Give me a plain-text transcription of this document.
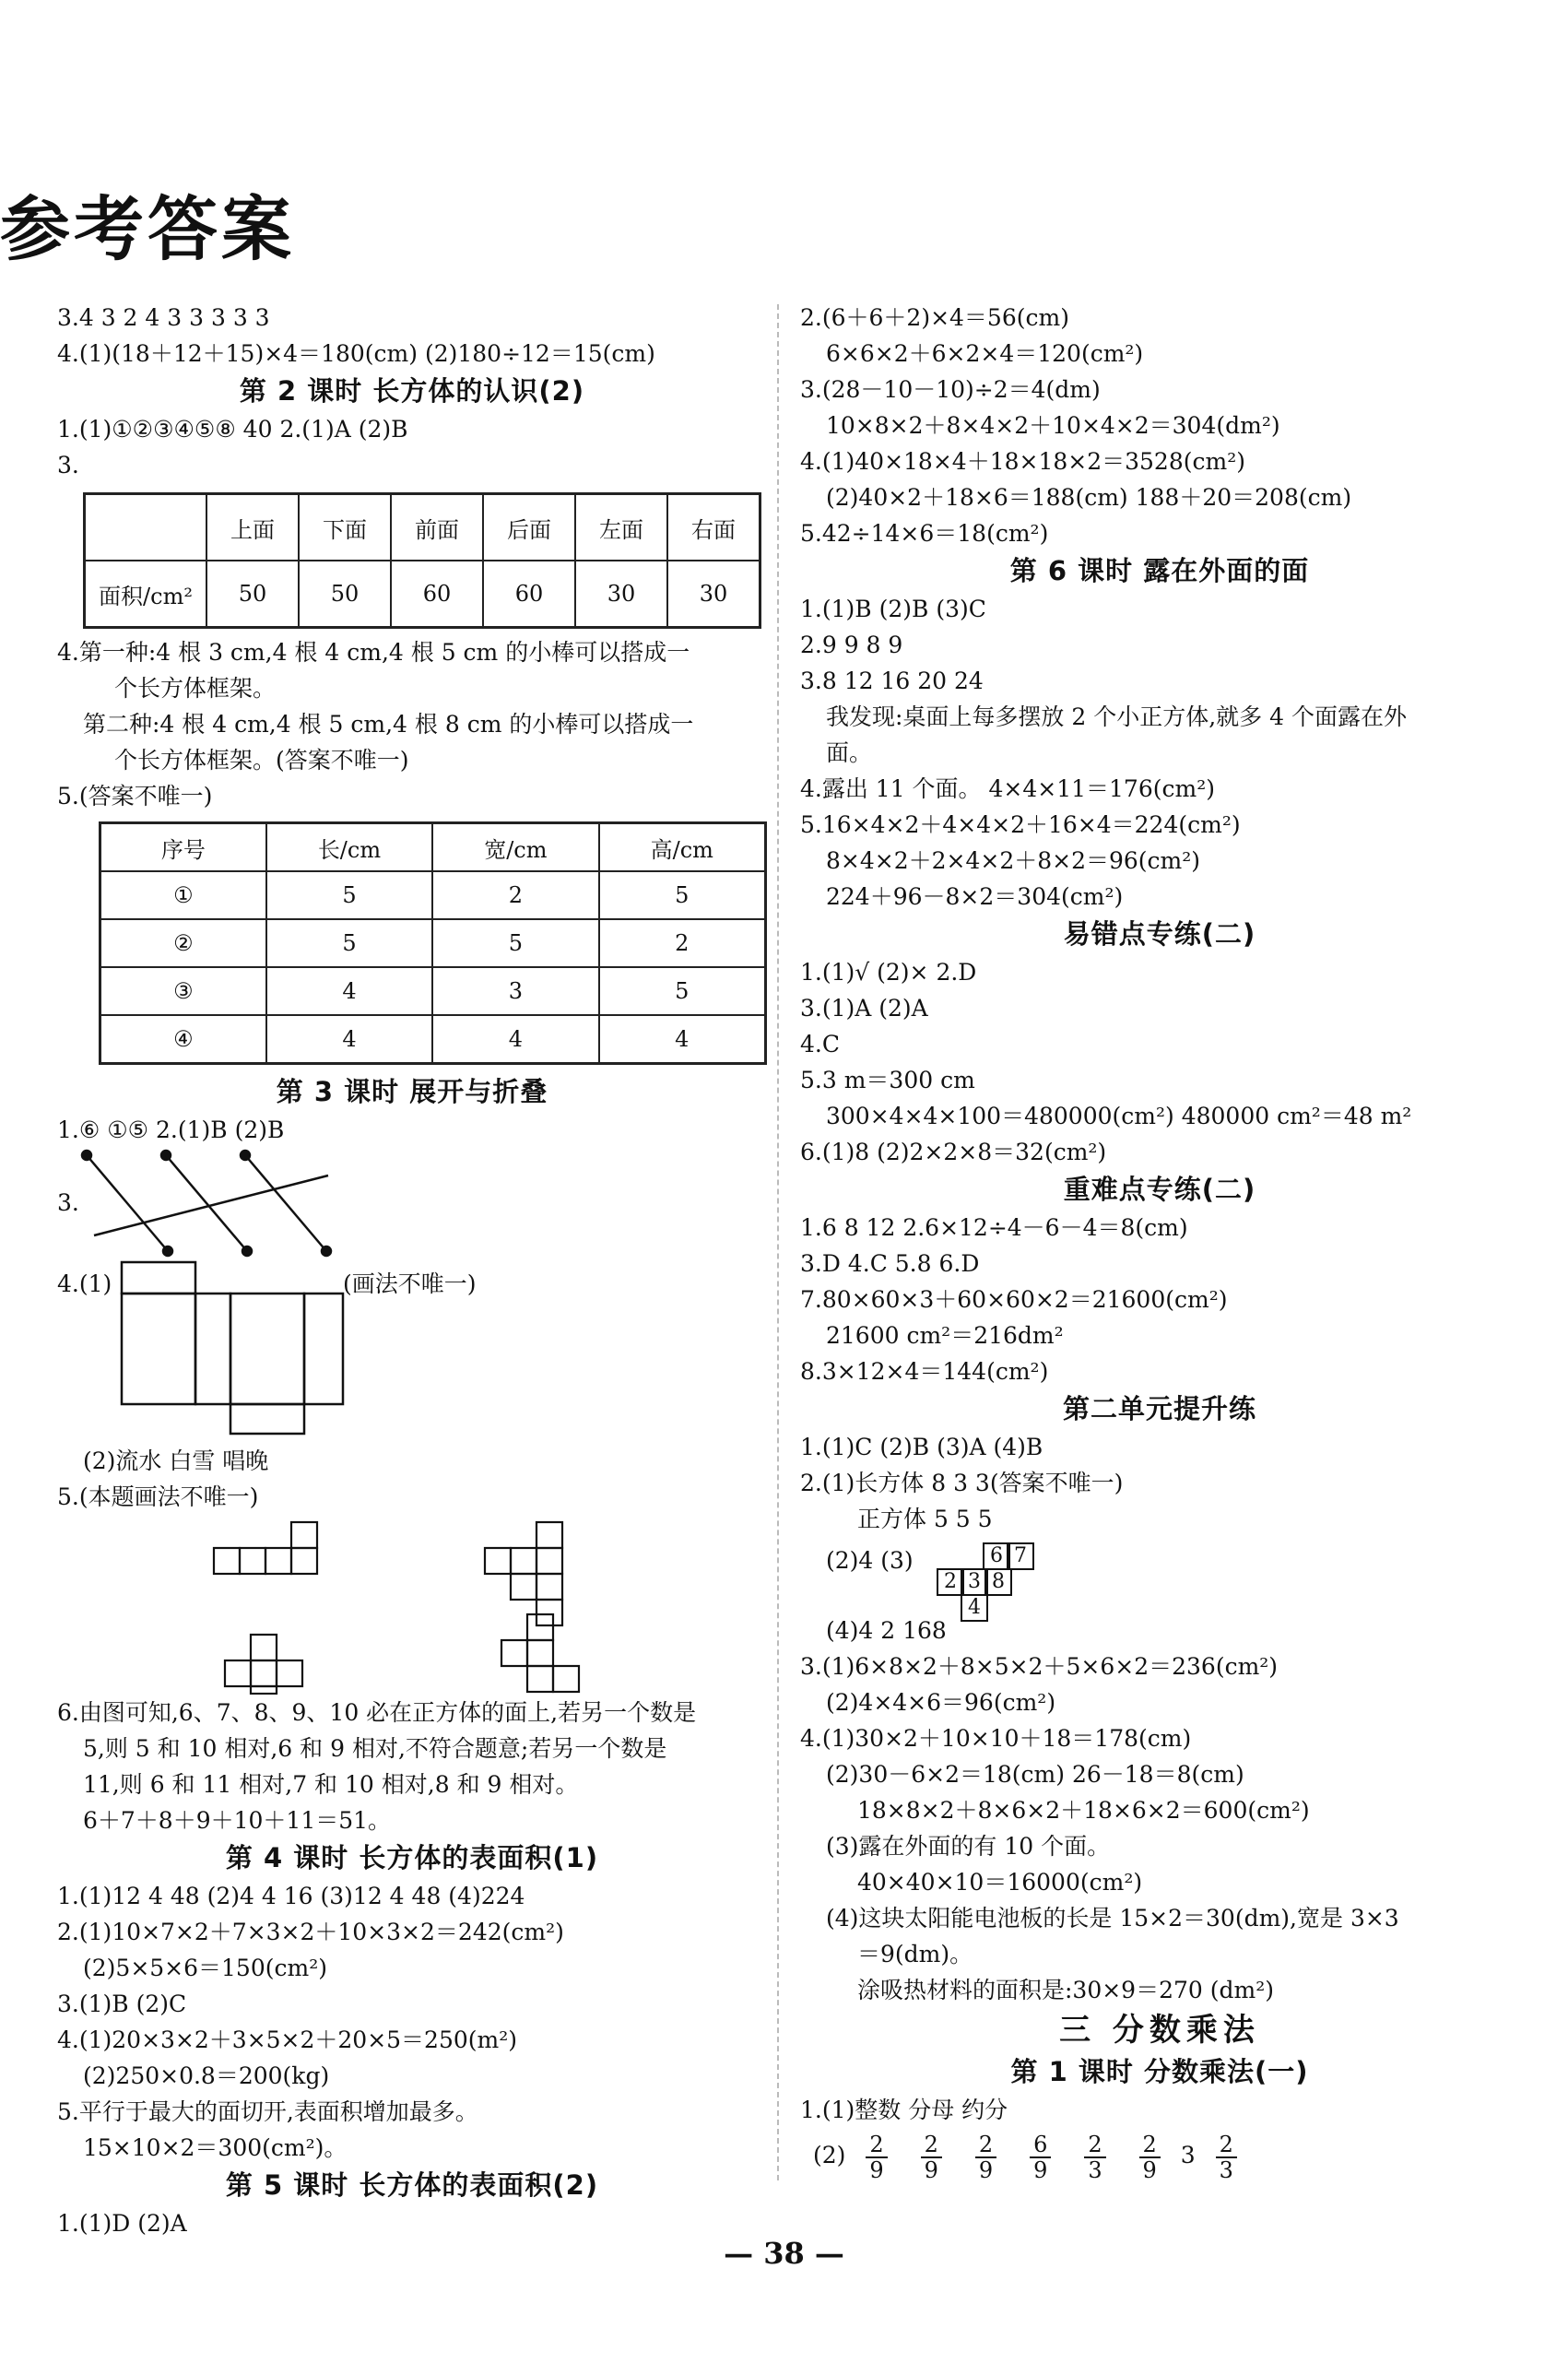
参考答案
3.4 3 2 4 3 3 3 3 3
4.(1)(18＋12＋15)×4＝180(cm) (2)180÷12＝15(cm)
第 2 课时 长方体的认识(2)
1.(1)①②③④⑤⑧ 40 2.(1)A (2)B
3.
	上面	下面	前面	后面	左面	右面
面积/cm²	50	50	60	60	30	30
4.第一种:4 根 3 cm,4 根 4 cm,4 根 5 cm 的小棒可以搭成一
个长方体框架。
第二种:4 根 4 cm,4 根 5 cm,4 根 8 cm 的小棒可以搭成一
个长方体框架。(答案不唯一)
5.(答案不唯一)
序号	长/cm	宽/cm	高/cm
①	5	2	5
②	5	5	2
③	4	3	5
④	4	4	4
第 3 课时 展开与折叠
1.⑥ ①⑤ 2.(1)B (2)B
3.
4.(1)	(画法不唯一)
(2)流水 白雪 唱晚
5.(本题画法不唯一)
6.由图可知,6、7、8、9、10 必在正方体的面上,若另一个数是
5,则 5 和 10 相对,6 和 9 相对,不符合题意;若另一个数是
11,则 6 和 11 相对,7 和 10 相对,8 和 9 相对。
6＋7＋8＋9＋10＋11＝51。
第 4 课时 长方体的表面积(1)
1.(1)12 4 48 (2)4 4 16 (3)12 4 48 (4)224
2.(1)10×7×2＋7×3×2＋10×3×2＝242(cm²)
(2)5×5×6＝150(cm²)
3.(1)B (2)C
4.(1)20×3×2＋3×5×2＋20×5＝250(m²)
(2)250×0.8＝200(kg)
5.平行于最大的面切开,表面积增加最多。
15×10×2＝300(cm²)。
第 5 课时 长方体的表面积(2)
1.(1)D (2)A
2.(6＋6＋2)×4＝56(cm)
6×6×2＋6×2×4＝120(cm²)
3.(28－10－10)÷2＝4(dm)
10×8×2＋8×4×2＋10×4×2＝304(dm²)
4.(1)40×18×4＋18×18×2＝3528(cm²)
(2)40×2＋18×6＝188(cm) 188＋20＝208(cm)
5.42÷14×6＝18(cm²)
第 6 课时 露在外面的面
1.(1)B (2)B (3)C
2.9 9 8 9
3.8 12 16 20 24
我发现:桌面上每多摆放 2 个小正方体,就多 4 个面露在外
面。
4.露出 11 个面。 4×4×11＝176(cm²)
5.16×4×2＋4×4×2＋16×4＝224(cm²)
8×4×2＋2×4×2＋8×2＝96(cm²)
224＋96－8×2＝304(cm²)
易错点专练(二)
1.(1)√ (2)× 2.D
3.(1)A (2)A
4.C
5.3 m＝300 cm
300×4×4×100＝480000(cm²) 480000 cm²＝48 m²
6.(1)8 (2)2×2×8＝32(cm²)
重难点专练(二)
1.6 8 12 2.6×12÷4－6－4＝8(cm)
3.D 4.C 5.8 6.D
7.80×60×3＋60×60×2＝21600(cm²)
21600 cm²＝216dm²
8.3×12×4＝144(cm²)
第二单元提升练
1.(1)C (2)B (3)A (4)B
2.(1)长方体 8 3 3(答案不唯一)
正方体 5 5 5
(2)4 (3)	6 7
2 3 8
4
(4)4 2 168
3.(1)6×8×2＋8×5×2＋5×6×2＝236(cm²)
(2)4×4×6＝96(cm²)
4.(1)30×2＋10×10＋18＝178(cm)
(2)30－6×2＝18(cm) 26－18＝8(cm)
18×8×2＋8×6×2＋18×6×2＝600(cm²)
(3)露在外面的有 10 个面。
40×40×10＝16000(cm²)
(4)这块太阳能电池板的长是 15×2＝30(dm),宽是 3×3
＝9(dm)。
涂吸热材料的面积是:30×9＝270 (dm²)
三 分数乘法
第 1 课时 分数乘法(一)
1.(1)整数 分母 约分
$(2) \frac{2}{9}$
$\frac{2}{9}$
$\frac{2}{9}$
$\frac{6}{9}$
$\frac{2}{3}$
$\frac{2}{9} 3 \frac{2}{3}$
— 38 —
